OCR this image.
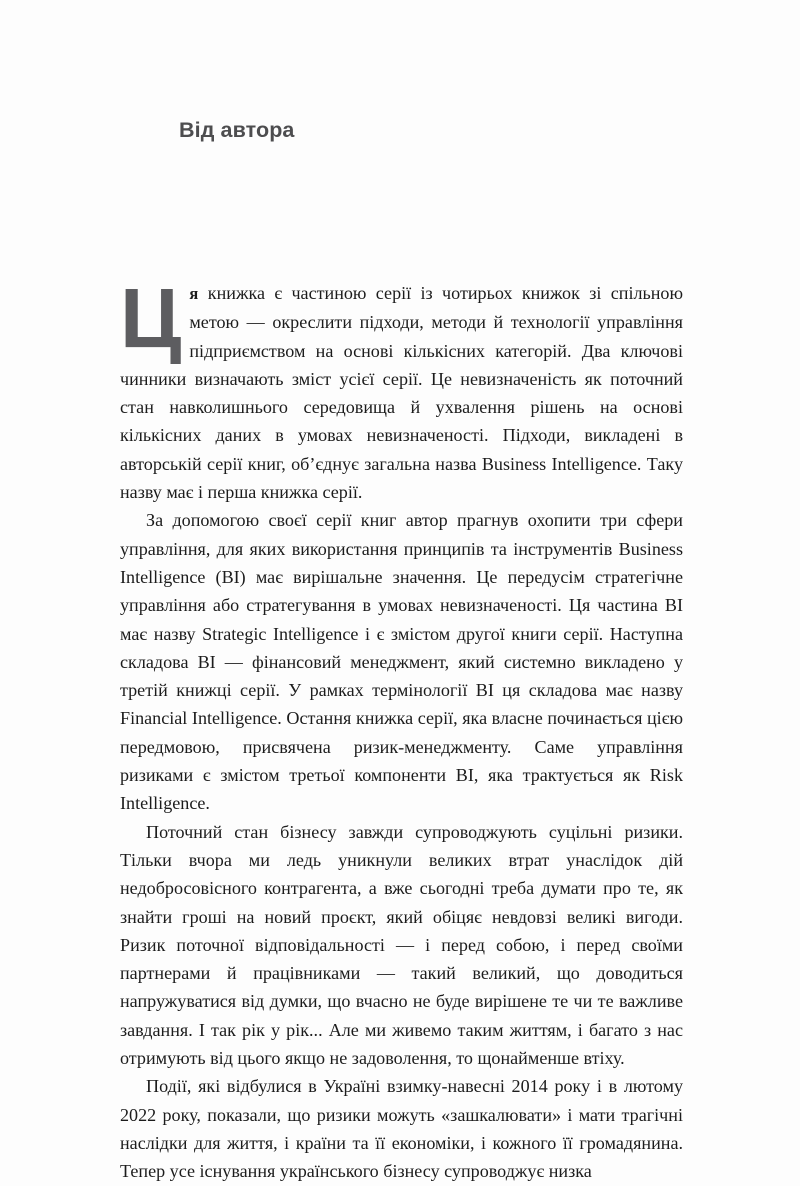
Від автора

Ця книжка є частиною серії із чотирьох книжок зі спільною метою — окреслити підходи, методи й технології управління підприємством на основі кількісних категорій. Два ключові чинники визначають зміст усієї серії. Це невизначеність як поточний стан навколишнього середовища й ухвалення рішень на основі кількісних даних в умовах невизначеності. Підходи, викладені в авторській серії книг, об’єднує загальна назва Business Intelligence. Таку назву має і перша книжка серії.

За допомогою своєї серії книг автор прагнув охопити три сфери управління, для яких використання принципів та інструментів Business Intelligence (BI) має вирішальне значення. Це передусім стратегічне управління або стратегування в умовах невизначеності. Ця частина BI має назву Strategic Intelligence і є змістом другої книги серії. Наступна складова BI — фінансовий менеджмент, який системно викладено у третій книжці серії. У рамках термінології BI ця складова має назву Financial Intelligence. Остання книжка серії, яка власне починається цією передмовою, присвячена ризик-менеджменту. Саме управління ризиками є змістом третьої компоненти BI, яка трактується як Risk Intelligence.

Поточний стан бізнесу завжди супроводжують суцільні ризики. Тільки вчора ми ледь уникнули великих втрат унаслідок дій недобросовісного контрагента, а вже сьогодні треба думати про те, як знайти гроші на новий проєкт, який обіцяє невдовзі великі вигоди. Ризик поточної відповідальності — і перед собою, і перед своїми партнерами й працівниками — такий великий, що доводиться напружуватися від думки, що вчасно не буде вирішене те чи те важливе завдання. І так рік у рік... Але ми живемо таким життям, і багато з нас отримують від цього якщо не задоволення, то щонайменше втіху.

Події, які відбулися в Україні взимку-навесні 2014 року і в лютому 2022 року, показали, що ризики можуть «зашкалювати» і мати трагічні наслідки для життя, і країни та її економіки, і кожного її громадянина. Тепер усе існування українського бізнесу супроводжує низка
